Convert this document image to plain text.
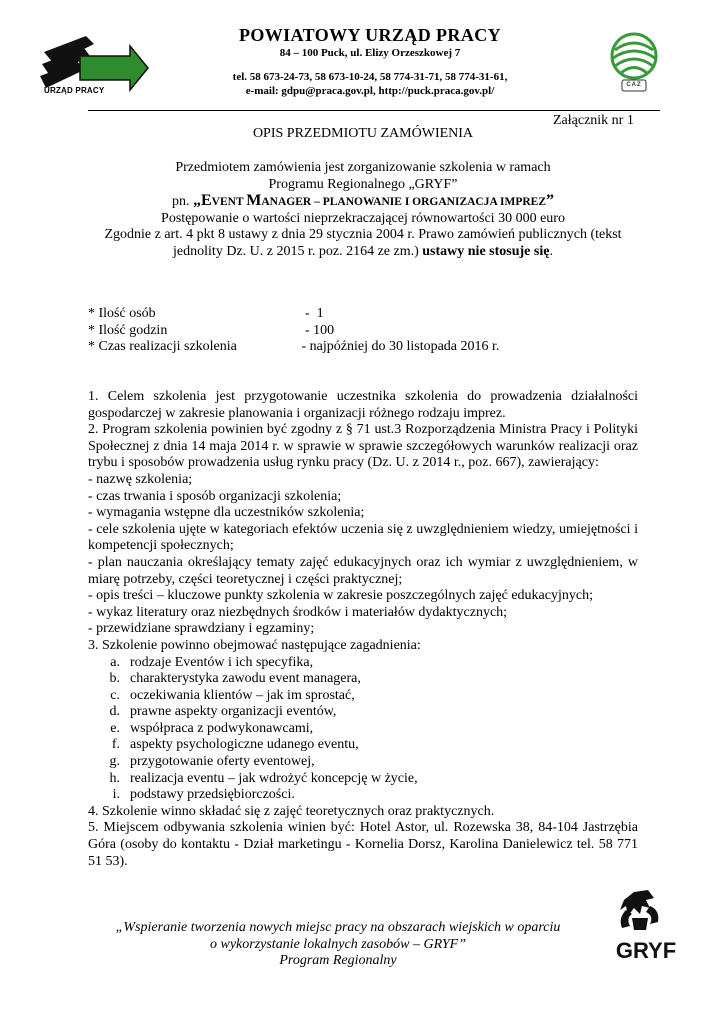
URZĄD PRACY

POWIATOWY URZĄD PRACY

84 – 100 Puck, ul. Elizy Orzeszkowej 7

tel. 58 673-24-73, 58 673-10-24, 58 774-31-71, 58 774-31-61,

e-mail: gdpu@praca.gov.pl, http://puck.praca.gov.pl/	CAZ
Załącznik nr 1
OPIS PRZEDMIOTU ZAMÓWIENIA

Przedmiotem zamówienia jest zorganizowanie szkolenia w ramach

Programu Regionalnego „GRYF”

pn. „EVENT MANAGER – PLANOWANIE I ORGANIZACJA IMPREZ”

Postępowanie o wartości nieprzekraczającej równowartości 30 000 euro

Zgodnie z art. 4 pkt 8 ustawy z dnia 29 stycznia 2004 r. Prawo zamówień publicznych (tekst

jednolity Dz. U. z 2015 r. poz. 2164 ze zm.) ustawy nie stosuje się.

* Ilość osób	-  1
* Ilość godzin	- 100
* Czas realizacji szkolenia	- najpóźniej do 30 listopada 2016 r.

1. Celem szkolenia jest przygotowanie uczestnika szkolenia do prowadzenia działalności gospodarczej w zakresie planowania i organizacji różnego rodzaju imprez.

2. Program szkolenia powinien być zgodny z § 71 ust.3 Rozporządzenia Ministra Pracy i Polityki Społecznej z dnia 14 maja 2014 r. w sprawie w sprawie szczegółowych warunków realizacji oraz trybu i sposobów prowadzenia usług rynku pracy (Dz. U. z 2014 r., poz. 667), zawierający:

- nazwę szkolenia;

- czas trwania i sposób organizacji szkolenia;

- wymagania wstępne dla uczestników szkolenia;

- cele szkolenia ujęte w kategoriach efektów uczenia się z uwzględnieniem wiedzy, umiejętności i kompetencji społecznych;

- plan nauczania określający tematy zajęć edukacyjnych oraz ich wymiar z uwzględnieniem, w miarę potrzeby, części teoretycznej i części praktycznej;

- opis treści – kluczowe punkty szkolenia w zakresie poszczególnych zajęć edukacyjnych;

- wykaz literatury oraz niezbędnych środków i materiałów dydaktycznych;

- przewidziane sprawdziany i egzaminy;

3. Szkolenie powinno obejmować następujące zagadnienia:

a. rodzaje Eventów i ich specyfika,
b. charakterystyka zawodu event managera,
c. oczekiwania klientów – jak im sprostać,
d. prawne aspekty organizacji eventów,
e. współpraca z podwykonawcami,
f. aspekty psychologiczne udanego eventu,
g. przygotowanie oferty eventowej,
h. realizacja eventu – jak wdrożyć koncepcję w życie,
i. podstawy przedsiębiorczości.

4. Szkolenie winno składać się z zajęć teoretycznych oraz praktycznych.

5. Miejscem odbywania szkolenia winien być: Hotel Astor, ul. Rozewska 38, 84-104 Jastrzębia Góra (osoby do kontaktu - Dział marketingu - Kornelia Dorsz, Karolina Danielewicz tel. 58 771 51 53).

„Wspieranie tworzenia nowych miejsc pracy na obszarach wiejskich w oparciu

o wykorzystanie lokalnych zasobów – GRYF”

Program Regionalny	GRYF
